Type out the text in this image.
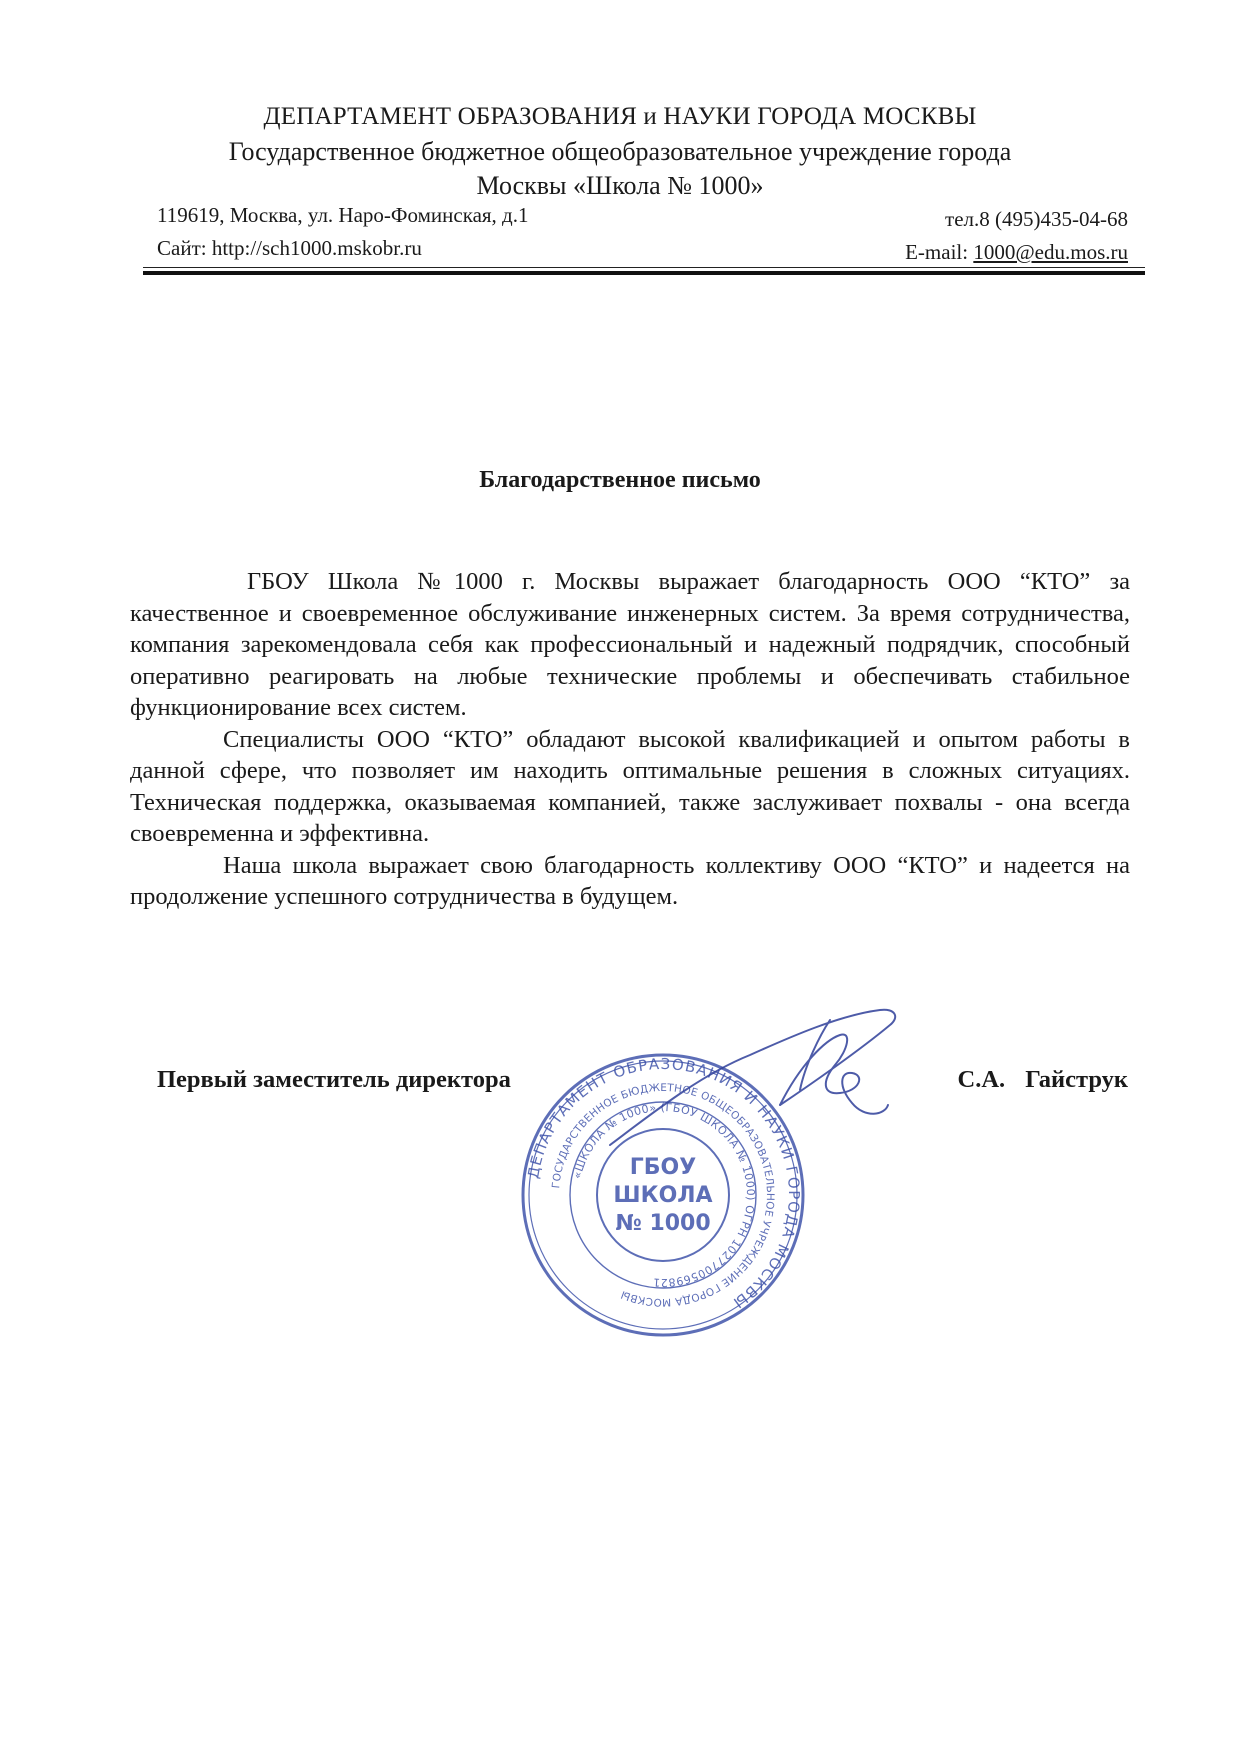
ДЕПАРТАМЕНТ ОБРАЗОВАНИЯ и НАУКИ ГОРОДА МОСКВЫ
Государственное бюджетное общеобразовательное учреждение города
Москвы «Школа № 1000»
119619, Москва, ул. Наро-Фоминская, д.1	тел.8 (495)435-04-68
Сайт: http://sch1000.mskobr.ru	E-mail: 1000@edu.mos.ru
Благодарственное письмо

ГБОУ Школа №1000 г. Москвы выражает благодарность ООО “КТО” за качественное и своевременное обслуживание инженерных систем. За время сотрудничества, компания зарекомендовала себя как профессиональный и надежный подрядчик, способный оперативно реагировать на любые технические проблемы и обеспечивать стабильное функционирование всех систем.

Специалисты ООО “КТО” обладают высокой квалификацией и опытом работы в данной сфере, что позволяет им находить оптимальные решения в сложных ситуациях. Техническая поддержка, оказываемая компанией, также заслуживает похвалы - она всегда своевременна и эффективна.

Наша школа выражает свою благодарность коллективу ООО “КТО” и надеется на продолжение успешного сотрудничества в будущем.

ДЕПАРТАМЕНТ ОБРАЗОВАНИЯ И НАУКИ ГОРОДА МОСКВЫ
ГОСУДАРСТВЕННОЕ БЮДЖЕТНОЕ ОБЩЕОБРАЗОВАТЕЛЬНОЕ УЧРЕЖДЕНИЕ ГОРОДА МОСКВЫ
«ШКОЛА № 1000» (ГБОУ ШКОЛА № 1000) ОГРН 1027700569821
ГБОУ
ШКОЛА
№ 1000
Первый заместитель директора	С.А. Гайструк
